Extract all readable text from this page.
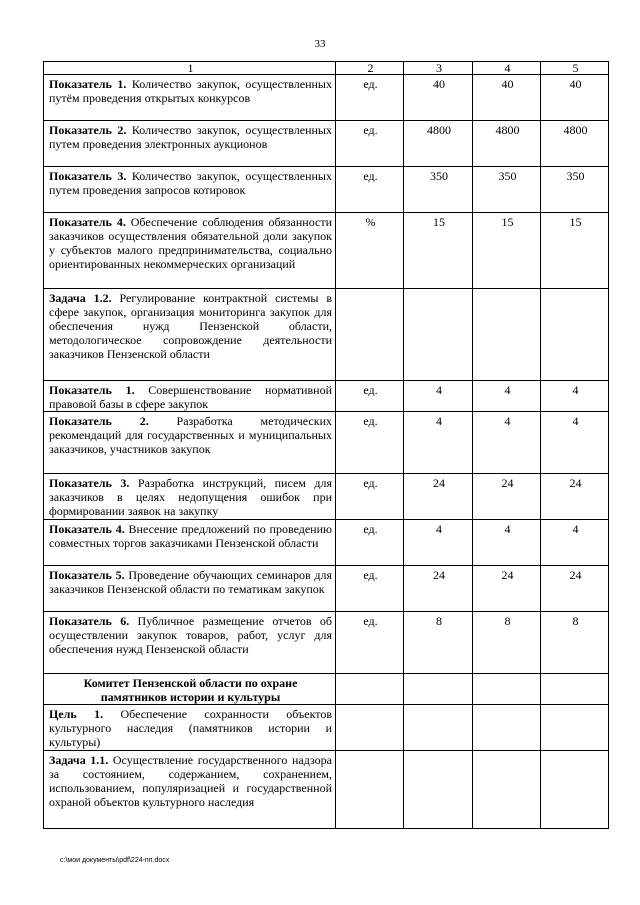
33
1	2	3	4	5
Показатель 1. Количество закупок, осуществленных путём проведения открытых конкурсов	ед.	40	40	40
Показатель 2. Количество закупок, осуществленных путем проведения электронных аукционов	ед.	4800	4800	4800
Показатель 3. Количество закупок, осуществленных путем проведения запросов котировок	ед.	350	350	350
Показатель 4. Обеспечение соблюдения обязанности заказчиков осуществления обязательной доли закупок у субъектов малого предпринимательства, социально ориентированных некоммерческих организаций	%	15	15	15
Задача 1.2. Регулирование контрактной системы в сфере закупок, организация мониторинга закупок для обеспечения нужд Пензенской области, методологическое сопровождение деятельности заказчиков Пензенской области				
Показатель 1. Совершенствование нормативной правовой базы в сфере закупок	ед.	4	4	4
Показатель 2. Разработка методических рекомендаций для государственных и муниципальных заказчиков, участников закупок	ед.	4	4	4
Показатель 3. Разработка инструкций, писем для заказчиков в целях недопущения ошибок при формировании заявок на закупку	ед.	24	24	24
Показатель 4. Внесение предложений по проведению совместных торгов заказчиками Пензенской области	ед.	4	4	4
Показатель 5. Проведение обучающих семинаров для заказчиков Пензенской области по тематикам закупок	ед.	24	24	24
Показатель 6. Публичное размещение отчетов об осуществлении закупок товаров, работ, услуг для обеспечения нужд Пензенской области	ед.	8	8	8
Комитет Пензенской области по охране памятников истории и культуры				
Цель 1. Обеспечение сохранности объектов культурного наследия (памятников истории и культуры)				
Задача 1.1. Осуществление государственного надзора за состоянием, содержанием, сохранением, использованием, популяризацией и государственной охраной объектов культурного наследия				
c:\мои документы\pdf\224-пп.docx
